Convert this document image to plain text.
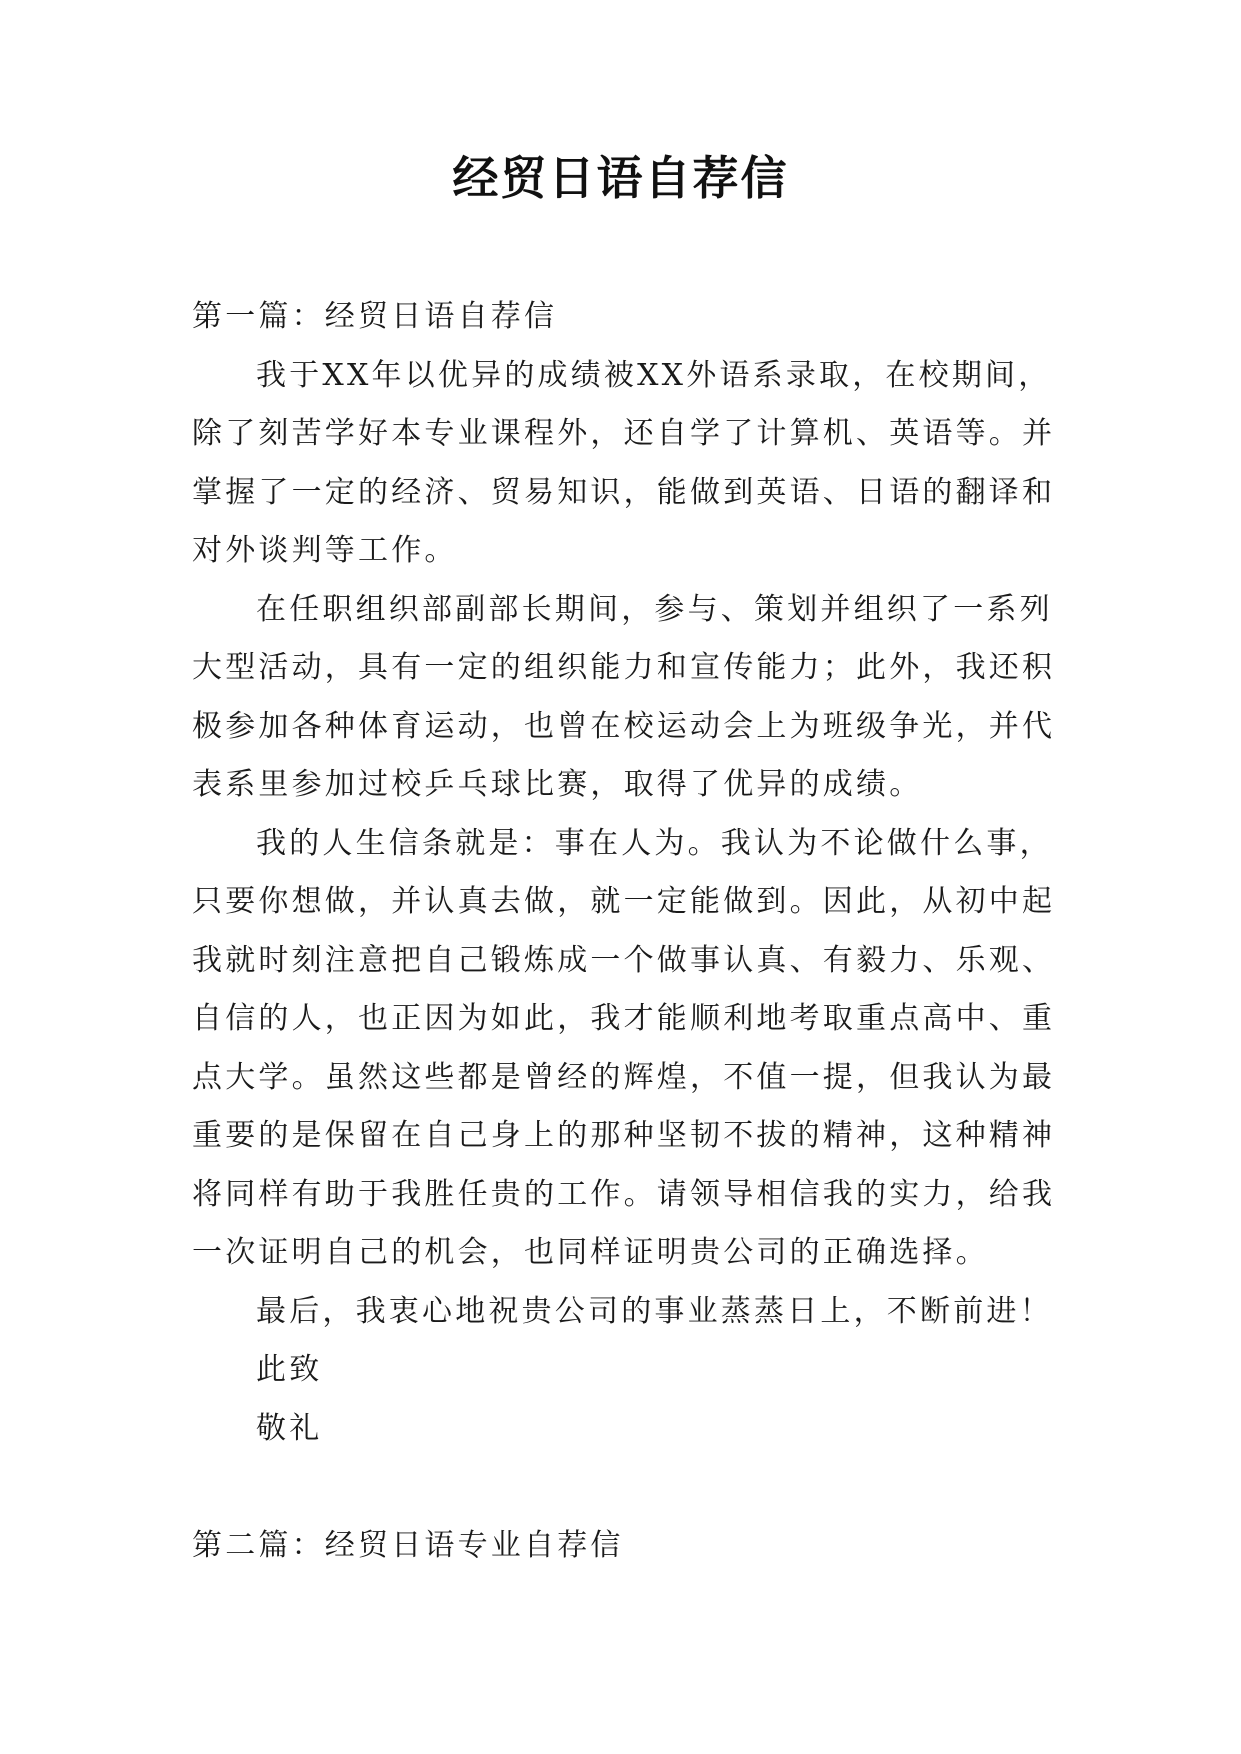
经贸日语自荐信
第一篇：经贸日语自荐信
我于XX年以优异的成绩被XX外语系录取，在校期间，
除了刻苦学好本专业课程外，还自学了计算机、英语等。并
掌握了一定的经济、贸易知识，能做到英语、日语的翻译和
对外谈判等工作。
在任职组织部副部长期间，参与、策划并组织了一系列
大型活动，具有一定的组织能力和宣传能力；此外，我还积
极参加各种体育运动，也曾在校运动会上为班级争光，并代
表系里参加过校乒乓球比赛，取得了优异的成绩。
我的人生信条就是：事在人为。我认为不论做什么事，
只要你想做，并认真去做，就一定能做到。因此，从初中起
我就时刻注意把自己锻炼成一个做事认真、有毅力、乐观、
自信的人，也正因为如此，我才能顺利地考取重点高中、重
点大学。虽然这些都是曾经的辉煌，不值一提，但我认为最
重要的是保留在自己身上的那种坚韧不拔的精神，这种精神
将同样有助于我胜任贵的工作。请领导相信我的实力，给我
一次证明自己的机会，也同样证明贵公司的正确选择。
最后，我衷心地祝贵公司的事业蒸蒸日上，不断前进！
此致
敬礼
第二篇：经贸日语专业自荐信
